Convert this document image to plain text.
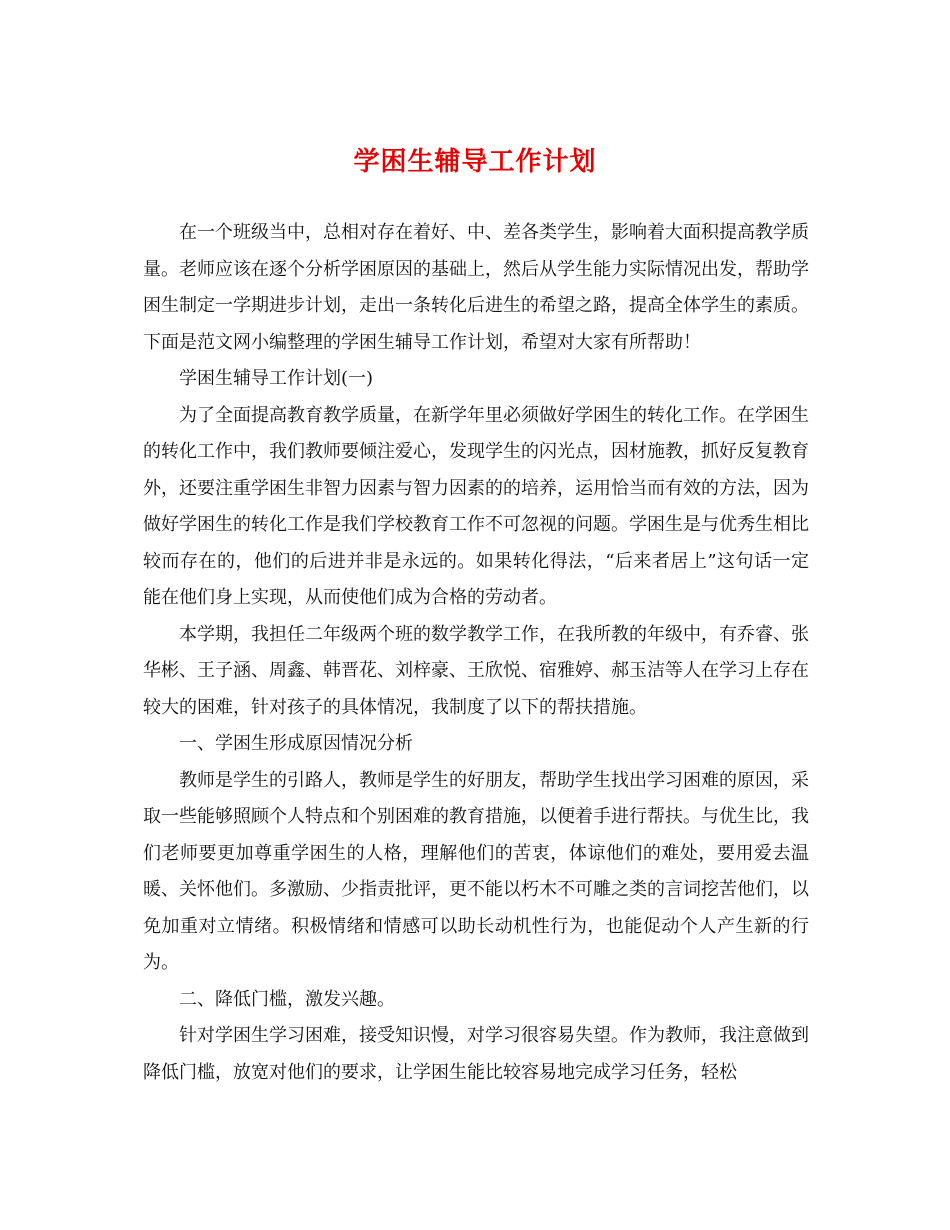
学困生辅导工作计划

在一个班级当中，总相对存在着好、中、差各类学生，影响着大面积提高教学质量。老师应该在逐个分析学困原因的基础上，然后从学生能力实际情况出发，帮助学困生制定一学期进步计划，走出一条转化后进生的希望之路，提高全体学生的素质。下面是范文网小编整理的学困生辅导工作计划，希望对大家有所帮助！

学困生辅导工作计划(一)

为了全面提高教育教学质量，在新学年里必须做好学困生的转化工作。在学困生的转化工作中，我们教师要倾注爱心，发现学生的闪光点，因材施教，抓好反复教育外，还要注重学困生非智力因素与智力因素的的培养，运用恰当而有效的方法，因为做好学困生的转化工作是我们学校教育工作不可忽视的问题。学困生是与优秀生相比较而存在的，他们的后进并非是永远的。如果转化得法，“后来者居上”这句话一定能在他们身上实现，从而使他们成为合格的劳动者。

本学期，我担任二年级两个班的数学教学工作，在我所教的年级中，有乔睿、张华彬、王子涵、周鑫、韩晋花、刘梓豪、王欣悦、宿雅婷、郝玉洁等人在学习上存在较大的困难，针对孩子的具体情况，我制度了以下的帮扶措施。

一、学困生形成原因情况分析

教师是学生的引路人，教师是学生的好朋友，帮助学生找出学习困难的原因，采取一些能够照顾个人特点和个别困难的教育措施，以便着手进行帮扶。与优生比，我们老师要更加尊重学困生的人格，理解他们的苦衷，体谅他们的难处，要用爱去温暖、关怀他们。多激励、少指责批评，更不能以朽木不可雕之类的言词挖苦他们，以免加重对立情绪。积极情绪和情感可以助长动机性行为，也能促动个人产生新的行为。

二、降低门槛，激发兴趣。

针对学困生学习困难，接受知识慢，对学习很容易失望。作为教师，我注意做到降低门槛，放宽对他们的要求，让学困生能比较容易地完成学习任务，轻松
